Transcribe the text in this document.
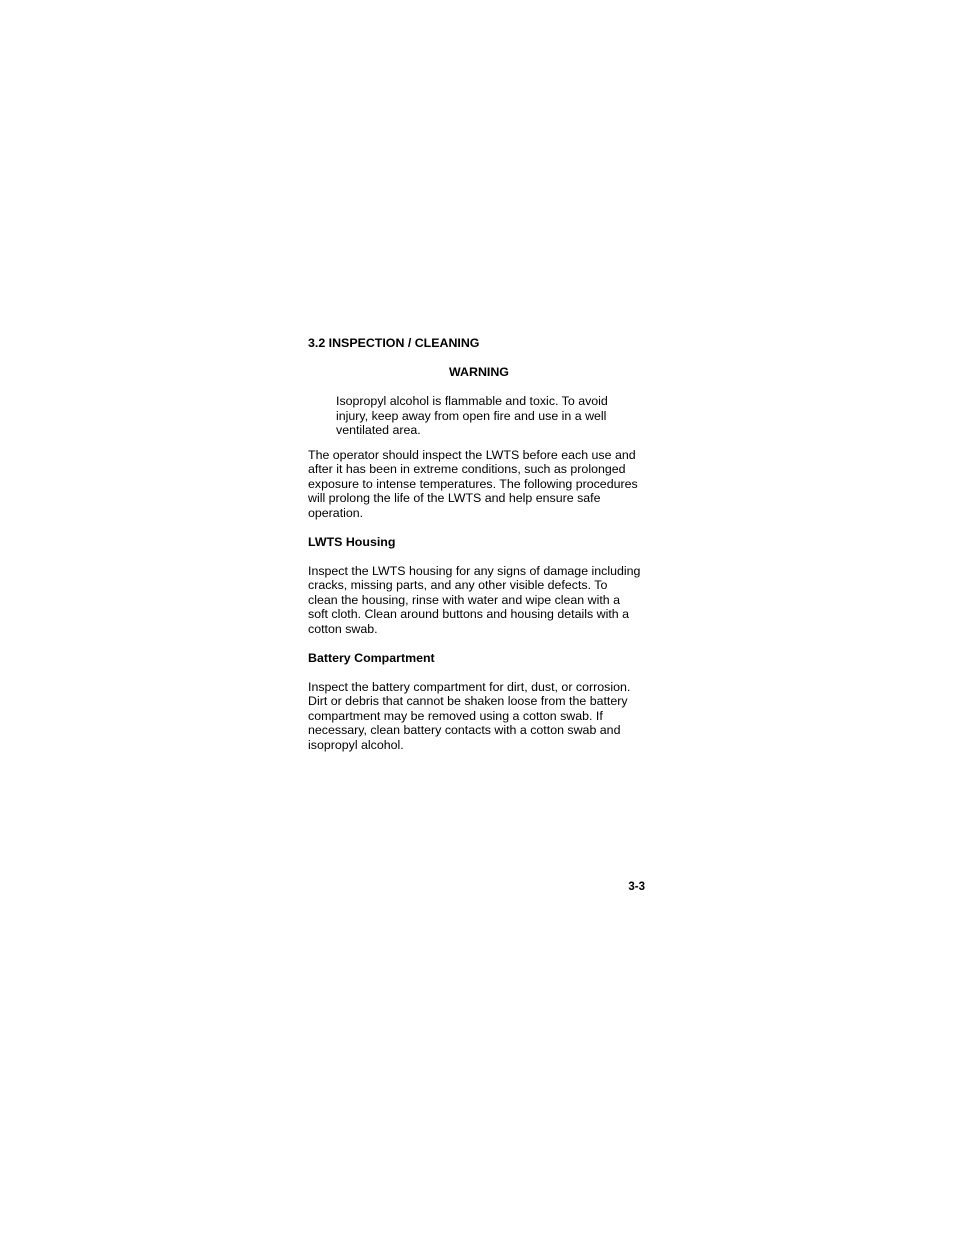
3.2 INSPECTION / CLEANING
WARNING
Isopropyl alcohol is flammable and toxic. To avoid
injury, keep away from open fire and use in a well
ventilated area.
The operator should inspect the LWTS before each use and
after it has been in extreme conditions, such as prolonged
exposure to intense temperatures. The following procedures
will prolong the life of the LWTS and help ensure safe
operation.
LWTS Housing
Inspect the LWTS housing for any signs of damage including
cracks, missing parts, and any other visible defects. To
clean the housing, rinse with water and wipe clean with a
soft cloth. Clean around buttons and housing details with a
cotton swab.
Battery Compartment
Inspect the battery compartment for dirt, dust, or corrosion.
Dirt or debris that cannot be shaken loose from the battery
compartment may be removed using a cotton swab. If
necessary, clean battery contacts with a cotton swab and
isopropyl alcohol.
3-3
